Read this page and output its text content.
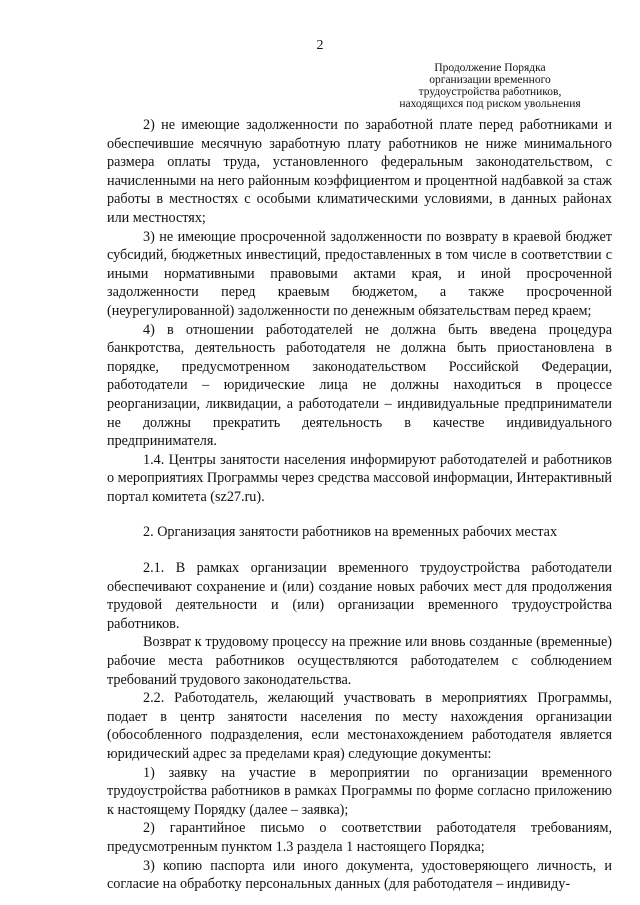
2
Продолжение Порядка
организации временного
трудоустройства работников,
находящихся под риском увольнения

2) не имеющие задолженности по заработной плате перед работниками и обеспечившие месячную заработную плату работников не ниже минимального размера оплаты труда, установленного федеральным законодательством, с начисленными на него районным коэффициентом и процентной надбавкой за стаж работы в местностях с особыми климатическими условиями, в данных районах или местностях;

3) не имеющие просроченной задолженности по возврату в краевой бюджет субсидий, бюджетных инвестиций, предоставленных в том числе в соответствии с иными нормативными правовыми актами края, и иной просроченной задолженности перед краевым бюджетом, а также просроченной (неурегулированной) задолженности по денежным обязательствам перед краем;

4) в отношении работодателей не должна быть введена процедура банкротства, деятельность работодателя не должна быть приостановлена в порядке, предусмотренном законодательством Российской Федерации, работодатели – юридические лица не должны находиться в процессе реорганизации, ликвидации, а работодатели – индивидуальные предприниматели не должны прекратить деятельность в качестве индивидуального предпринимателя.

1.4. Центры занятости населения информируют работодателей и работников о мероприятиях Программы через средства массовой информации, Интерактивный портал комитета (sz27.ru).

2. Организация занятости работников на временных рабочих местах

2.1. В рамках организации временного трудоустройства работодатели обеспечивают сохранение и (или) создание новых рабочих мест для продолжения трудовой деятельности и (или) организации временного трудоустройства работников.

Возврат к трудовому процессу на прежние или вновь созданные (временные) рабочие места работников осуществляются работодателем с соблюдением требований трудового законодательства.

2.2. Работодатель, желающий участвовать в мероприятиях Программы, подает в центр занятости населения по месту нахождения организации (обособленного подразделения, если местонахождением работодателя является юридический адрес за пределами края) следующие документы:

1) заявку на участие в мероприятии по организации временного трудоустройства работников в рамках Программы по форме согласно приложению к настоящему Порядку (далее – заявка);

2) гарантийное письмо о соответствии работодателя требованиям, предусмотренным пунктом 1.3 раздела 1 настоящего Порядка;

3) копию паспорта или иного документа, удостоверяющего личность, и согласие на обработку персональных данных (для работодателя – индивиду-
